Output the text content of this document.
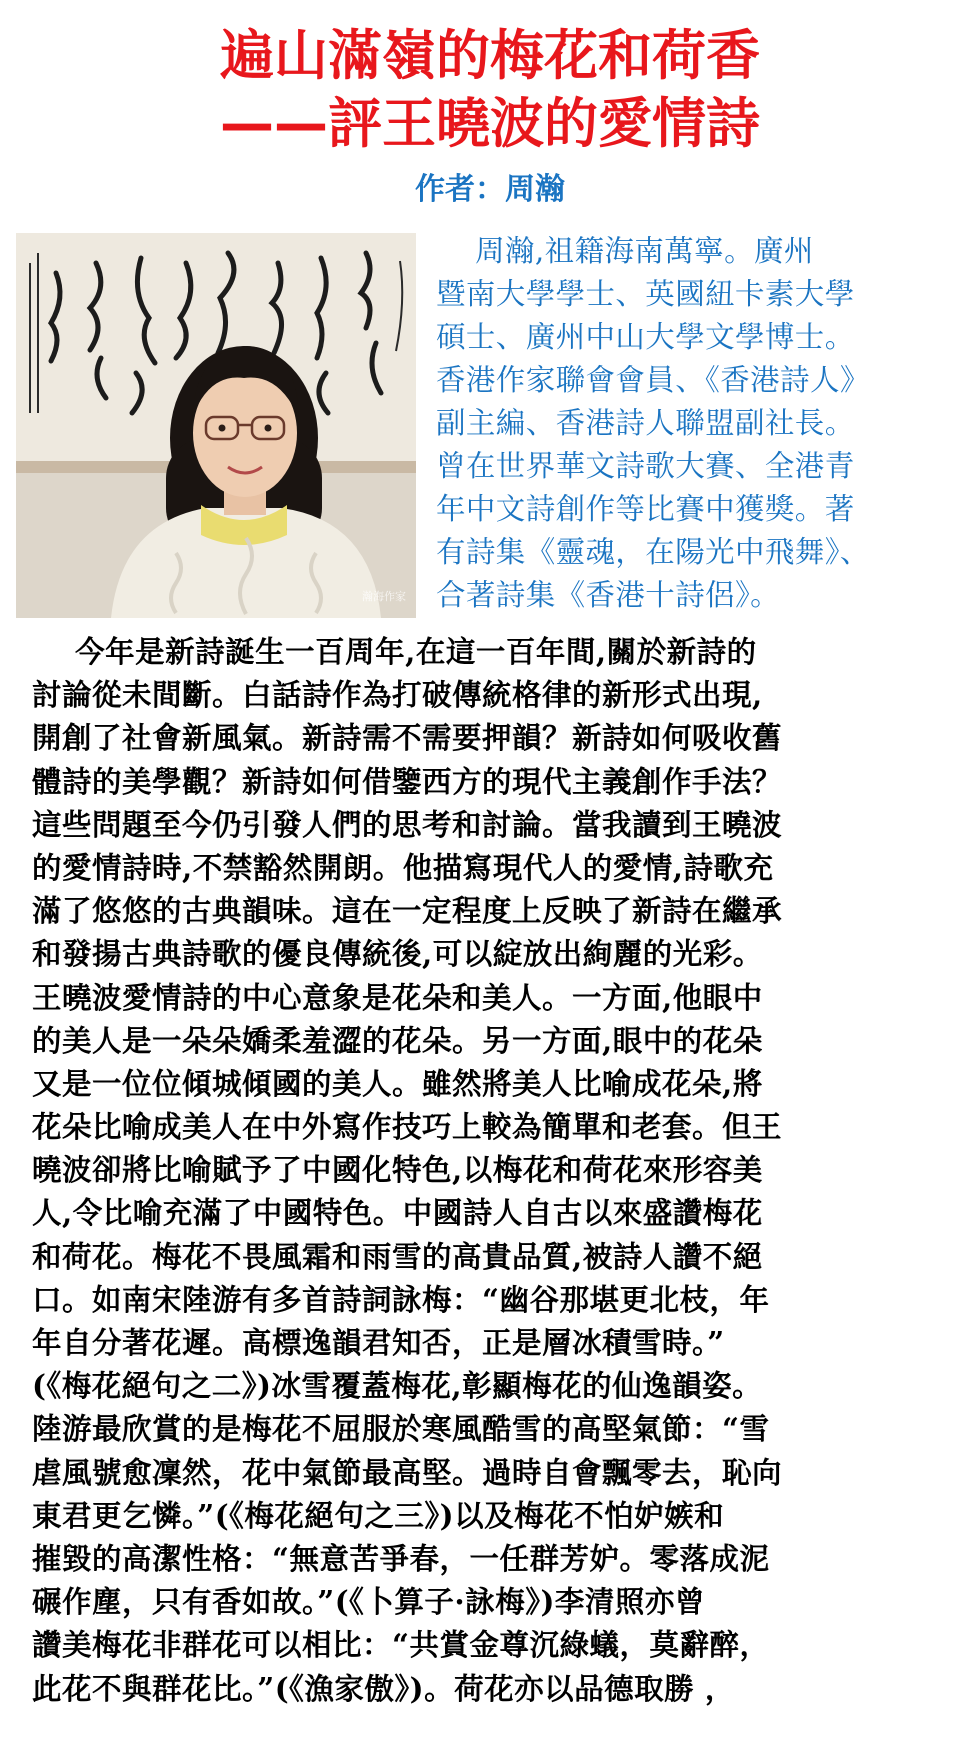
遍山滿嶺的梅花和荷香
——評王曉波的愛情詩
作者：周瀚
瀚海作家
周瀚,祖籍海南萬寧。廣州
暨南大學學士、英國紐卡素大學
碩士、廣州中山大學文學博士。
香港作家聯會會員、《香港詩人》
副主編、香港詩人聯盟副社長。
曾在世界華文詩歌大賽、全港青
年中文詩創作等比賽中獲獎。著
有詩集《靈魂，在陽光中飛舞》、
合著詩集《香港十詩侶》。
今年是新詩誕生一百周年,在這一百年間,關於新詩的
討論從未間斷。白話詩作為打破傳統格律的新形式出現,
開創了社會新風氣。新詩需不需要押韻？新詩如何吸收舊
體詩的美學觀？新詩如何借鑒西方的現代主義創作手法？
這些問題至今仍引發人們的思考和討論。當我讀到王曉波
的愛情詩時,不禁豁然開朗。他描寫現代人的愛情,詩歌充
滿了悠悠的古典韻味。這在一定程度上反映了新詩在繼承
和發揚古典詩歌的優良傳統後,可以綻放出絢麗的光彩。
王曉波愛情詩的中心意象是花朵和美人。一方面,他眼中
的美人是一朵朵嬌柔羞澀的花朵。另一方面,眼中的花朵
又是一位位傾城傾國的美人。雖然將美人比喻成花朵,將
花朵比喻成美人在中外寫作技巧上較為簡單和老套。但王
曉波卻將比喻賦予了中國化特色,以梅花和荷花來形容美
人,令比喻充滿了中國特色。中國詩人自古以來盛讚梅花
和荷花。梅花不畏風霜和雨雪的高貴品質,被詩人讚不絕
口。如南宋陸游有多首詩詞詠梅：“幽谷那堪更北枝，年
年自分著花遲。高標逸韻君知否，正是層冰積雪時。”
(《梅花絕句之二》)冰雪覆蓋梅花,彰顯梅花的仙逸韻姿。
陸游最欣賞的是梅花不屈服於寒風酷雪的高堅氣節：“雪
虐風號愈凜然，花中氣節最高堅。過時自會飄零去，恥向
東君更乞憐。”(《梅花絕句之三》)以及梅花不怕妒嫉和
摧毀的高潔性格：“無意苦爭春，一任群芳妒。零落成泥
碾作塵，只有香如故。”(《卜算子·詠梅》)李清照亦曾
讚美梅花非群花可以相比：“共賞金尊沉綠蟻，莫辭醉，
此花不與群花比。”(《漁家傲》)。荷花亦以品德取勝 ，
